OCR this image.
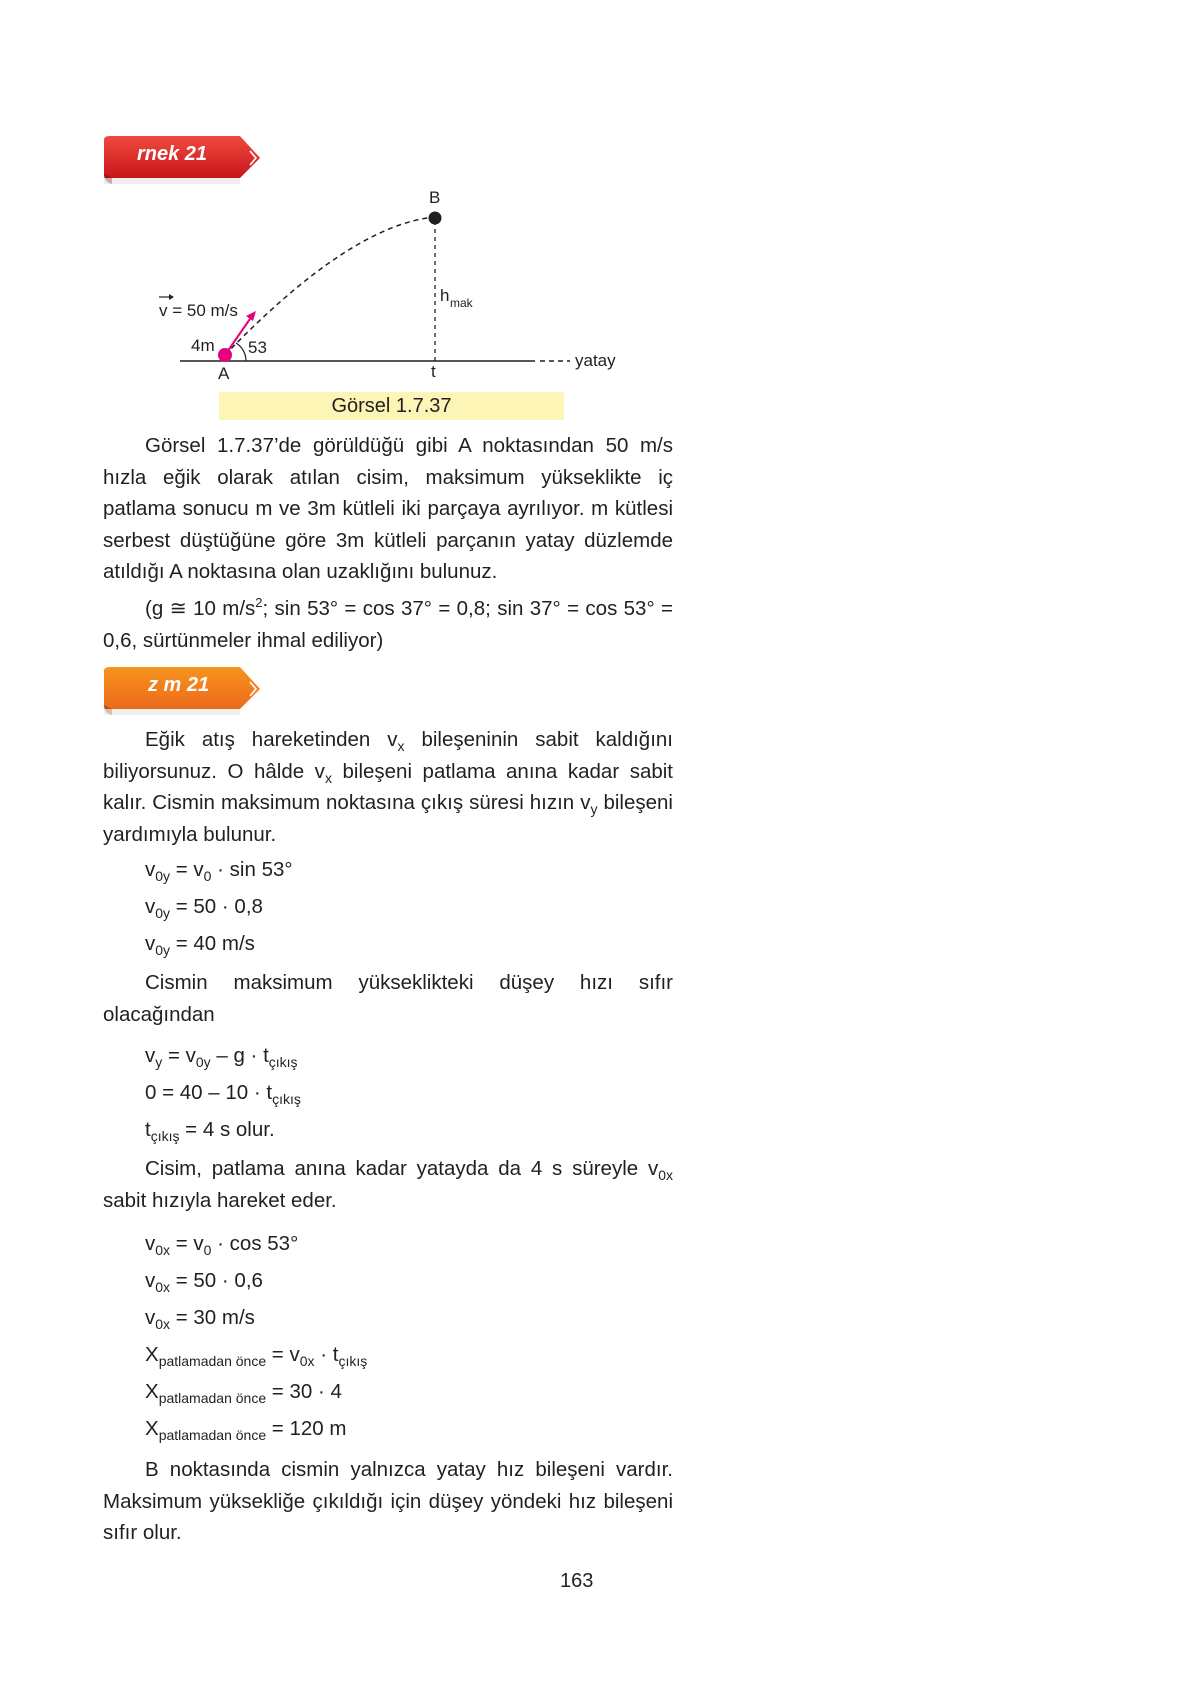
rnek 21
B
h mak
v = 50 m/s
4m 53
A	t
yatay
Görsel 1.7.37
Görsel 1.7.37’de görüldüğü gibi A noktasından 50 m/s hızla eğik olarak atılan cisim, maksimum yükseklikte iç patlama sonucu m ve 3m kütleli iki parçaya ayrılıyor. m kütlesi serbest düştüğüne göre 3m kütleli parçanın yatay düzlemde atıldığı A noktasına olan uzaklığını bulunuz.
(g ≅ 10 $m/s^2$; sin 53° = cos 37° = 0,8; sin 37° = cos 53° = 0,6, sürtünmeler ihmal ediliyor)
z m 21
Eğik atış hareketinden $v_x$ bileşeninin sabit kaldığını biliyorsunuz. O hâlde $v_x$ bileşeni patlama anına kadar sabit kalır. Cismin maksimum noktasına çıkış süresi hızın $v_y$ bileşeni yardımıyla bulunur.
$v_{0y} = v_0 \cdot \sin 53^\circ$
$v_{0y} = 50 \cdot 0,8$
$v_{0y} = 40$ m/s
Cismin maksimum yükseklikteki düşey hızı sıfır olacağından
$v_y = v_{0y} - g \cdot t_{çıkış}$
$0 = 40 - 10 \cdot t_{çıkış}$
$t_{çıkış} = 4$ s olur.
Cisim, patlama anına kadar yatayda da 4 s süreyle $v_{0x}$ sabit hızıyla hareket eder.
$v_{0x} = v_0 \cdot \cos 53^\circ$
$v_{0x} = 50 \cdot 0,6$
$v_{0x} = 30$ m/s
$X_{patlamadan önce} = v_{0x} \cdot t_{çıkış}$
$X_{patlamadan önce} = 30 \cdot 4$
$X_{patlamadan önce} = 120$ m
B noktasında cismin yalnızca yatay hız bileşeni vardır. Maksimum yüksekliğe çıkıldığı için düşey yöndeki hız bileşeni sıfır olur.
163
